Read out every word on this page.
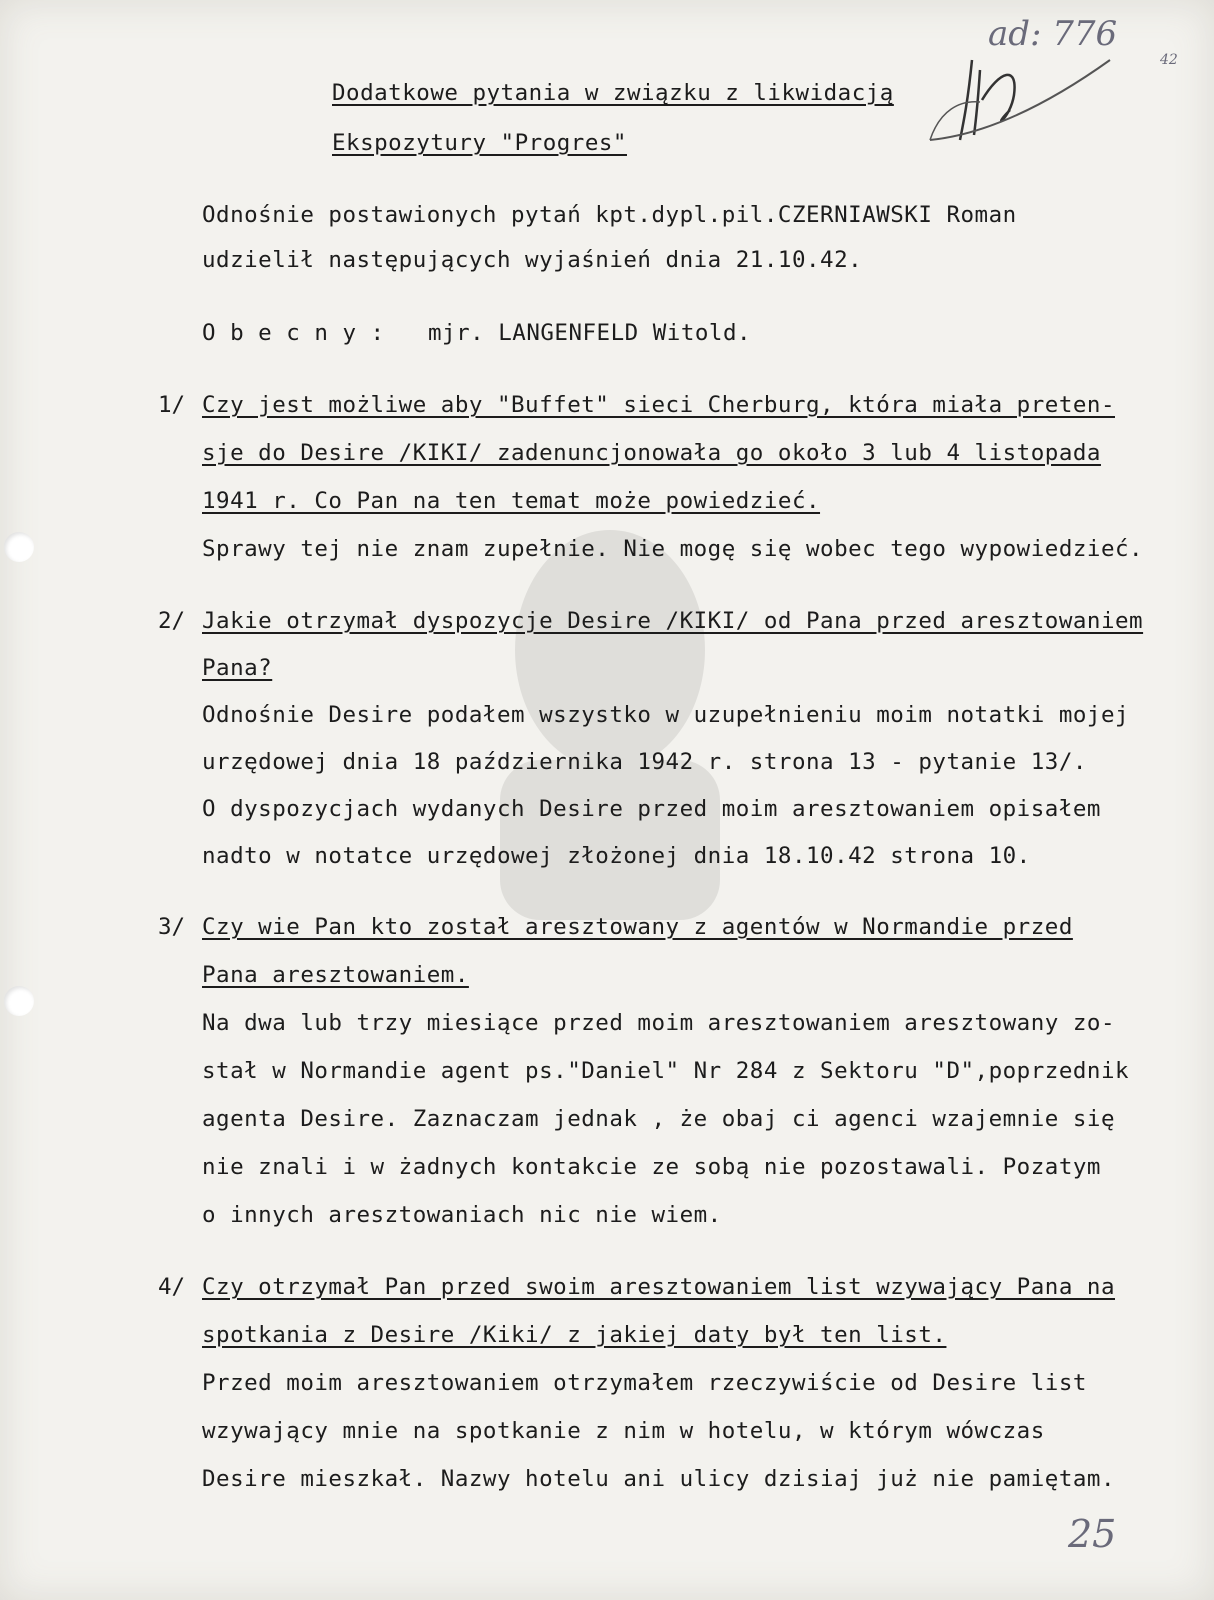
ad: 776
42

Dodatkowe pytania w związku z likwidacją

Ekspozytury "Progres"

Odnośnie postawionych pytań kpt.dypl.pil.CZERNIAWSKI Roman

udzielił następujących wyjaśnień dnia 21.10.42.

O b e c n y : mjr. LANGENFELD Witold.

1/ Czy jest możliwe aby "Buffet" sieci Cherburg, która miała preten-

sje do Desire /KIKI/ zadenuncjonowała go około 3 lub 4 listopada

1941 r. Co Pan na ten temat może powiedzieć.

Sprawy tej nie znam zupełnie. Nie mogę się wobec tego wypowiedzieć.

2/ Jakie otrzymał dyspozycje Desire /KIKI/ od Pana przed aresztowaniem

Pana?

Odnośnie Desire podałem wszystko w uzupełnieniu moim notatki mojej

urzędowej dnia 18 października 1942 r. strona 13 - pytanie 13/.

O dyspozycjach wydanych Desire przed moim aresztowaniem opisałem

nadto w notatce urzędowej złożonej dnia 18.10.42 strona 10.

3/ Czy wie Pan kto został aresztowany z agentów w Normandie przed

Pana aresztowaniem.

Na dwa lub trzy miesiące przed moim aresztowaniem aresztowany zo-

stał w Normandie agent ps."Daniel" Nr 284 z Sektoru "D",poprzednik

agenta Desire. Zaznaczam jednak , że obaj ci agenci wzajemnie się

nie znali i w żadnych kontakcie ze sobą nie pozostawali. Pozatym

o innych aresztowaniach nic nie wiem.

4/ Czy otrzymał Pan przed swoim aresztowaniem list wzywający Pana na

spotkania z Desire /Kiki/ z jakiej daty był ten list.

Przed moim aresztowaniem otrzymałem rzeczywiście od Desire list

wzywający mnie na spotkanie z nim w hotelu, w którym wówczas

Desire mieszkał. Nazwy hotelu ani ulicy dzisiaj już nie pamiętam.

25
